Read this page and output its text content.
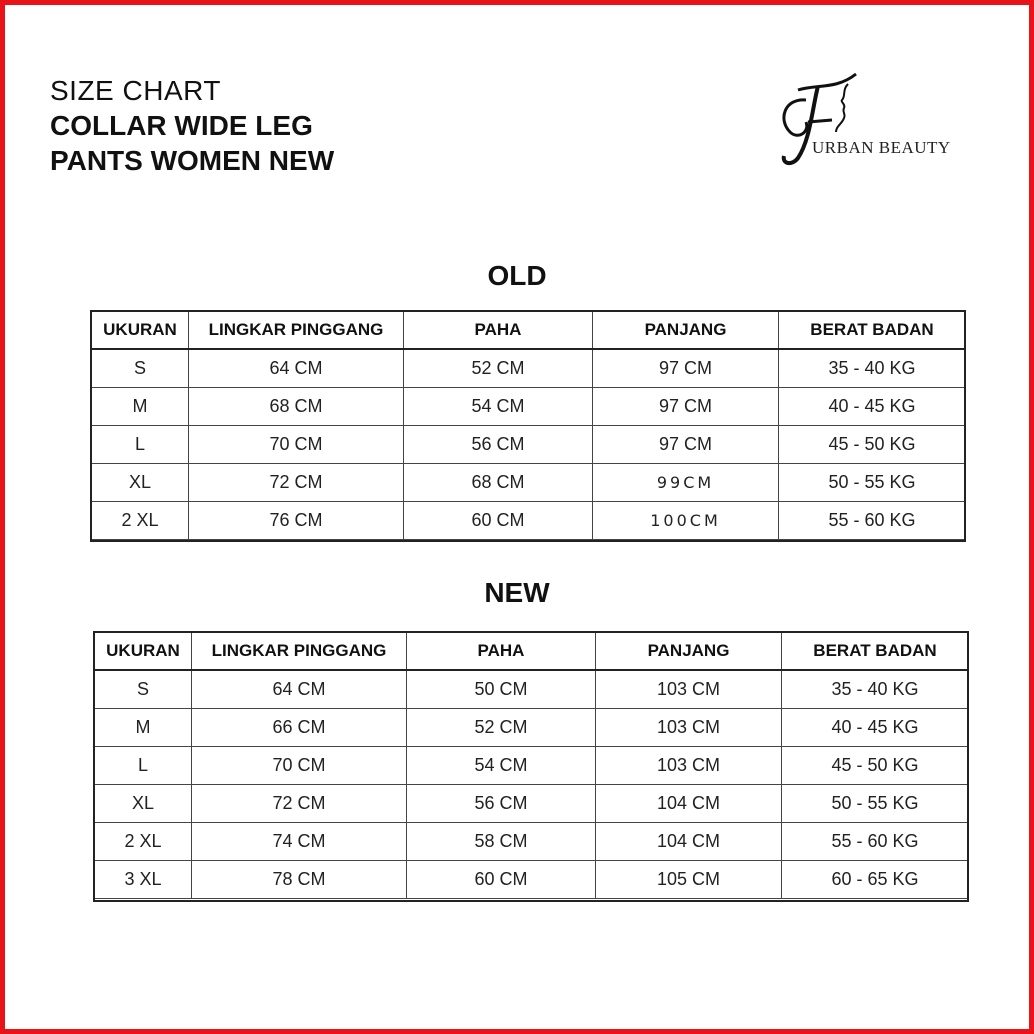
SIZE CHART
COLLAR WIDE LEG
PANTS WOMEN NEW	URBAN BEAUTY
OLD
UKURAN	LINGKAR PINGGANG	PAHA	PANJANG	BERAT BADAN
S	64 CM	52 CM	97 CM	35 - 40 KG
M	68 CM	54 CM	97 CM	40 - 45 KG
L	70 CM	56 CM	97 CM	45 - 50 KG
XL	72 CM	68 CM	99CM	50 - 55 KG
2 XL	76 CM	60 CM	100CM	55 - 60 KG
NEW
UKURAN	LINGKAR PINGGANG	PAHA	PANJANG	BERAT BADAN
S	64 CM	50 CM	103 CM	35 - 40 KG
M	66 CM	52 CM	103 CM	40 - 45 KG
L	70 CM	54 CM	103 CM	45 - 50 KG
XL	72 CM	56 CM	104 CM	50 - 55 KG
2 XL	74 CM	58 CM	104 CM	55 - 60 KG
3 XL	78 CM	60 CM	105 CM	60 - 65 KG
